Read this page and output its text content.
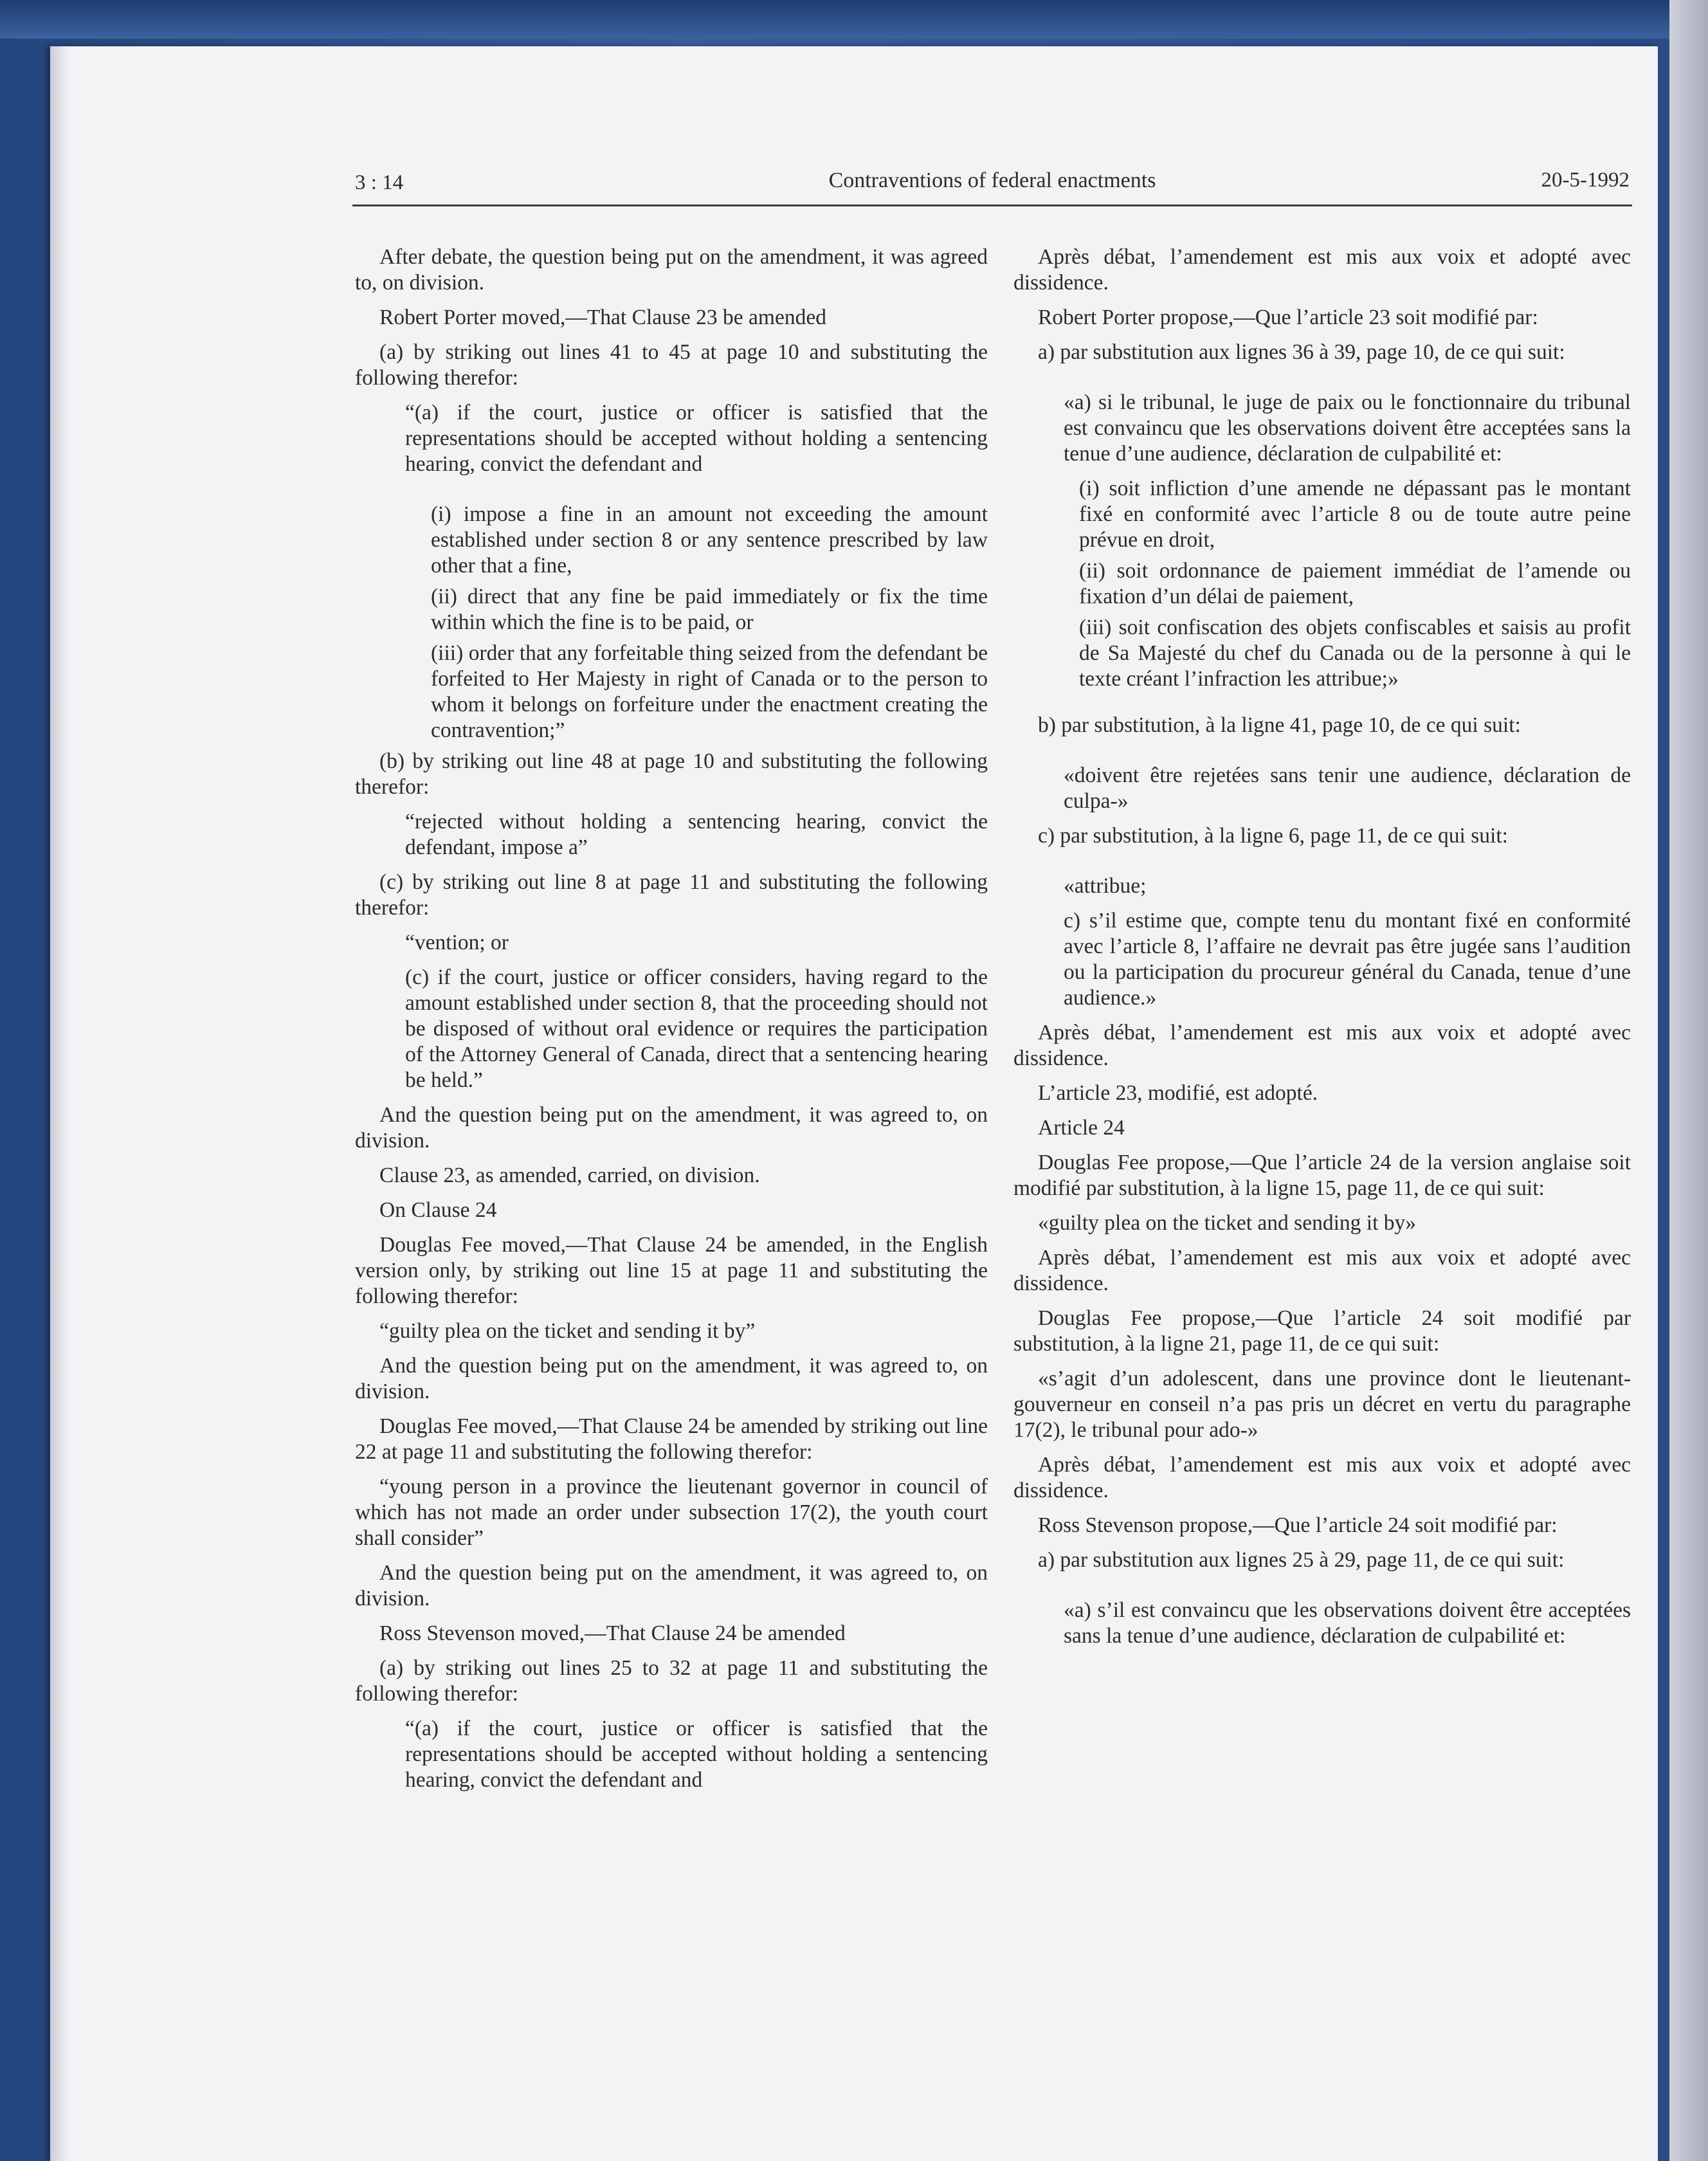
3 : 14	Contraventions of federal enactments	20-5-1992

After debate, the question being put on the amendment, it was agreed to, on division.

Robert Porter moved,—That Clause 23 be amended

(a) by striking out lines 41 to 45 at page 10 and substituting the following therefor:

“(a) if the court, justice or officer is satisfied that the representations should be accepted without holding a sentencing hearing, convict the defendant and

(i) impose a fine in an amount not exceeding the amount established under section 8 or any sentence prescribed by law other that a fine,

(ii) direct that any fine be paid immediately or fix the time within which the fine is to be paid, or

(iii) order that any forfeitable thing seized from the defendant be forfeited to Her Majesty in right of Canada or to the person to whom it belongs on forfeiture under the enactment creating the contravention;”

(b) by striking out line 48 at page 10 and substituting the following therefor:

“rejected without holding a sentencing hearing, convict the defendant, impose a”

(c) by striking out line 8 at page 11 and substituting the following therefor:

“vention; or

(c) if the court, justice or officer considers, having regard to the amount established under section 8, that the proceeding should not be disposed of without oral evidence or requires the participation of the Attorney General of Canada, direct that a sentencing hearing be held.”

And the question being put on the amendment, it was agreed to, on division.

Clause 23, as amended, carried, on division.

On Clause 24

Douglas Fee moved,—That Clause 24 be amended, in the English version only, by striking out line 15 at page 11 and substituting the following therefor:

“guilty plea on the ticket and sending it by”

And the question being put on the amendment, it was agreed to, on division.

Douglas Fee moved,—That Clause 24 be amended by striking out line 22 at page 11 and substituting the following therefor:

“young person in a province the lieutenant governor in council of which has not made an order under subsection 17(2), the youth court shall consider”

And the question being put on the amendment, it was agreed to, on division.

Ross Stevenson moved,—That Clause 24 be amended

(a) by striking out lines 25 to 32 at page 11 and substituting the following therefor:

“(a) if the court, justice or officer is satisfied that the representations should be accepted without holding a sentencing hearing, convict the defendant and

Après débat, l’amendement est mis aux voix et adopté avec dissidence.

Robert Porter propose,—Que l’article 23 soit modifié par:

a) par substitution aux lignes 36 à 39, page 10, de ce qui suit:

«a) si le tribunal, le juge de paix ou le fonctionnaire du tribunal est convaincu que les observations doivent être acceptées sans la tenue d’une audience, déclaration de culpabilité et:

(i) soit infliction d’une amende ne dépassant pas le montant fixé en conformité avec l’article 8 ou de toute autre peine prévue en droit,

(ii) soit ordonnance de paiement immédiat de l’amende ou fixation d’un délai de paiement,

(iii) soit confiscation des objets confiscables et saisis au profit de Sa Majesté du chef du Canada ou de la personne à qui le texte créant l’infraction les attribue;»

b) par substitution, à la ligne 41, page 10, de ce qui suit:

«doivent être rejetées sans tenir une audience, déclaration de culpa-»

c) par substitution, à la ligne 6, page 11, de ce qui suit:

«attribue;

c) s’il estime que, compte tenu du montant fixé en conformité avec l’article 8, l’affaire ne devrait pas être jugée sans l’audition ou la participation du procureur général du Canada, tenue d’une audience.»

Après débat, l’amendement est mis aux voix et adopté avec dissidence.

L’article 23, modifié, est adopté.

Article 24

Douglas Fee propose,—Que l’article 24 de la version anglaise soit modifié par substitution, à la ligne 15, page 11, de ce qui suit:

«guilty plea on the ticket and sending it by»

Après débat, l’amendement est mis aux voix et adopté avec dissidence.

Douglas Fee propose,—Que l’article 24 soit modifié par substitution, à la ligne 21, page 11, de ce qui suit:

«s’agit d’un adolescent, dans une province dont le lieutenant-gouverneur en conseil n’a pas pris un décret en vertu du paragraphe 17(2), le tribunal pour ado-»

Après débat, l’amendement est mis aux voix et adopté avec dissidence.

Ross Stevenson propose,—Que l’article 24 soit modifié par:

a) par substitution aux lignes 25 à 29, page 11, de ce qui suit:

«a) s’il est convaincu que les observations doivent être acceptées sans la tenue d’une audience, déclaration de culpabilité et:
